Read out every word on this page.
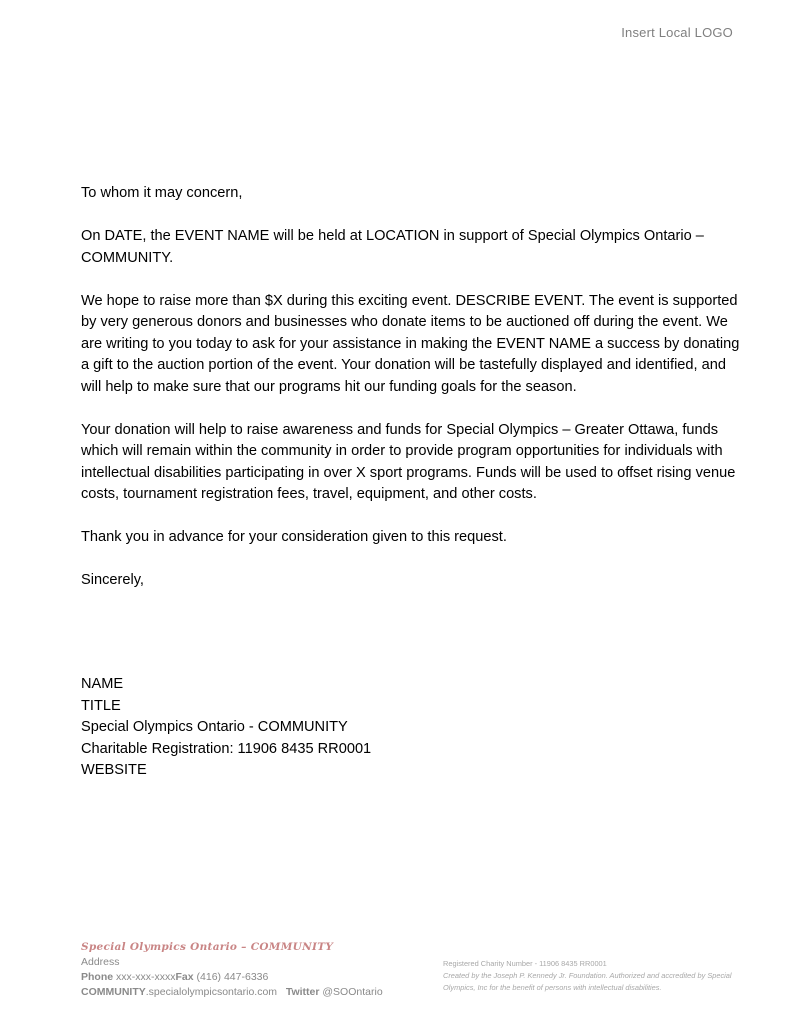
Insert Local LOGO

To whom it may concern,

On DATE, the EVENT NAME will be held at LOCATION in support of Special Olympics Ontario – COMMUNITY.

We hope to raise more than $X during this exciting event. DESCRIBE EVENT. The event is supported by very generous donors and businesses who donate items to be auctioned off during the event. We are writing to you today to ask for your assistance in making the EVENT NAME a success by donating a gift to the auction portion of the event. Your donation will be tastefully displayed and identified, and will help to make sure that our programs hit our funding goals for the season.

Your donation will help to raise awareness and funds for Special Olympics – Greater Ottawa, funds which will remain within the community in order to provide program opportunities for individuals with intellectual disabilities participating in over X sport programs. Funds will be used to offset rising venue costs, tournament registration fees, travel, equipment, and other costs.

Thank you in advance for your consideration given to this request.

Sincerely,

NAME
TITLE
Special Olympics Ontario - COMMUNITY
Charitable Registration: 11906 8435 RR0001
WEBSITE
Special Olympics Ontario – COMMUNITY
Address
Phone xxx-xxx-xxxxFax (416) 447-6336
COMMUNITY.specialolympicsontario.com Twitter @SOOntario
Registered Charity Number - 11906 8435 RR0001
Created by the Joseph P. Kennedy Jr. Foundation. Authorized and accredited by Special Olympics, Inc for the benefit of persons with intellectual disabilities.
